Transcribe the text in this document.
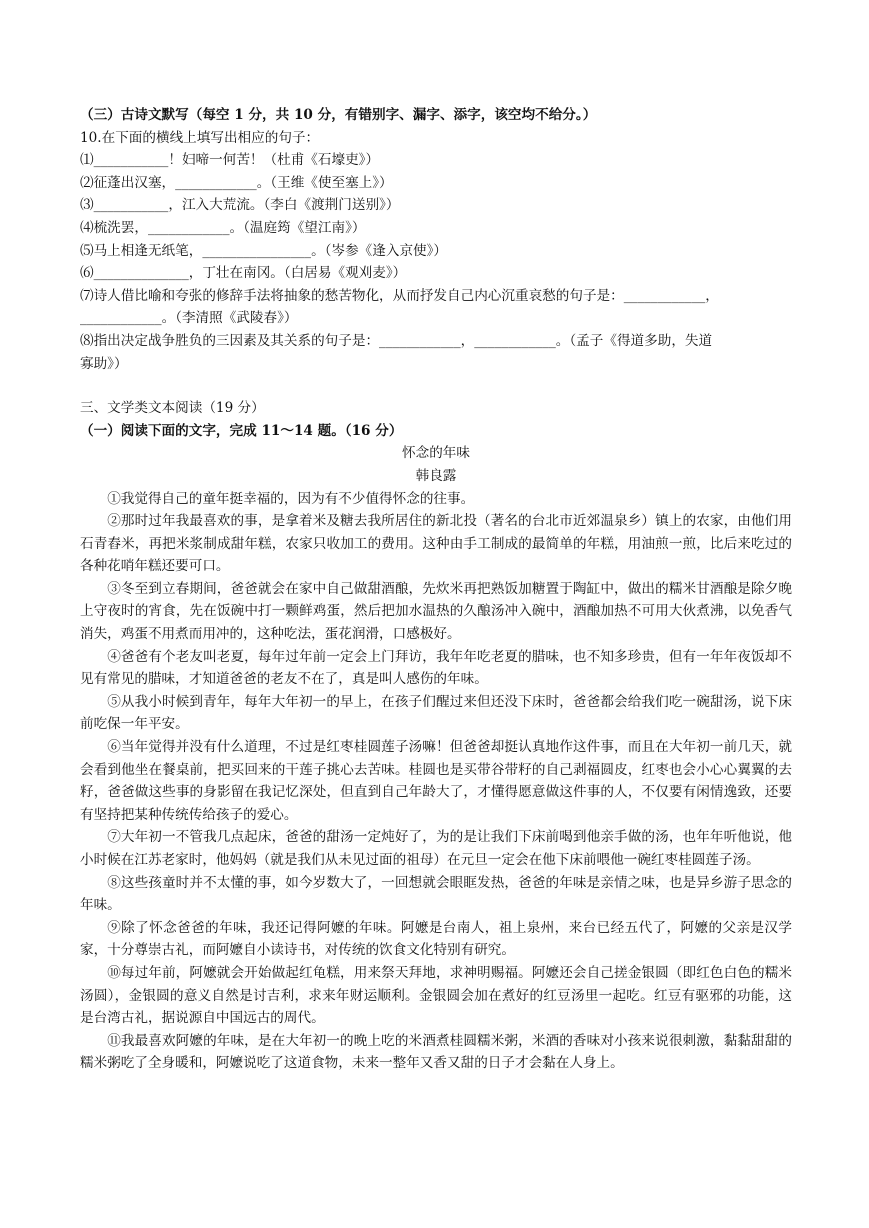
（三）古诗文默写（每空 1 分，共 10 分，有错别字、漏字、添字，该空均不给分。）

10.在下面的横线上填写出相应的句子：

⑴___________！妇啼一何苦！（杜甫《石壕吏》）

⑵征蓬出汉塞，____________。（王维《使至塞上》）

⑶___________，江入大荒流。（李白《渡荆门送别》）

⑷梳洗罢，____________。（温庭筠《望江南》）

⑸马上相逢无纸笔，________________。（岑参《逢入京使》）

⑹______________，丁壮在南冈。（白居易《观刈麦》）

⑺诗人借比喻和夸张的修辞手法将抽象的愁苦物化，从而抒发自己内心沉重哀愁的句子是：____________，

____________。（李清照《武陵春》）

⑻指出决定战争胜负的三因素及其关系的句子是：____________，____________。（孟子《得道多助，失道

寡助》）

三、文学类文本阅读（19 分）

（一）阅读下面的文字，完成 11～14 题。（16 分）

怀念的年味

韩良露

①我觉得自己的童年挺幸福的，因为有不少值得怀念的往事。

②那时过年我最喜欢的事，是拿着米及糖去我所居住的新北投（著名的台北市近郊温泉乡）镇上的农家，由他们用石青舂米，再把米浆制成甜年糕，农家只收加工的费用。这种由手工制成的最简单的年糕，用油煎一煎，比后来吃过的各种花哨年糕还要可口。

③冬至到立春期间，爸爸就会在家中自己做甜酒酿，先炊米再把熟饭加糖置于陶缸中，做出的糯米甘酒酿是除夕晚上守夜时的宵食，先在饭碗中打一颗鲜鸡蛋，然后把加水温热的久酿汤冲入碗中，酒酿加热不可用大伙煮沸，以免香气消失，鸡蛋不用煮而用冲的，这种吃法，蛋花润滑，口感极好。

④爸爸有个老友叫老夏，每年过年前一定会上门拜访，我年年吃老夏的腊味，也不知多珍贵，但有一年年夜饭却不见有常见的腊味，才知道爸爸的老友不在了，真是叫人感伤的年味。

⑤从我小时候到青年，每年大年初一的早上，在孩子们醒过来但还没下床时，爸爸都会给我们吃一碗甜汤，说下床前吃保一年平安。

⑥当年觉得并没有什么道理，不过是红枣桂圆莲子汤嘛！但爸爸却挺认真地作这件事，而且在大年初一前几天，就会看到他坐在餐桌前，把买回来的干莲子挑心去苦味。桂圆也是买带谷带籽的自己剥福圆皮，红枣也会小心心翼翼的去籽，爸爸做这些事的身影留在我记忆深处，但直到自己年龄大了，才懂得愿意做这件事的人，不仅要有闲情逸致，还要有坚持把某种传统传给孩子的爱心。

⑦大年初一不管我几点起床，爸爸的甜汤一定炖好了，为的是让我们下床前喝到他亲手做的汤，也年年听他说，他小时候在江苏老家时，他妈妈（就是我们从未见过面的祖母）在元旦一定会在他下床前喂他一碗红枣桂圆莲子汤。

⑧这些孩童时并不太懂的事，如今岁数大了，一回想就会眼眶发热，爸爸的年味是亲情之味，也是异乡游子思念的年味。

⑨除了怀念爸爸的年味，我还记得阿嬷的年味。阿嬷是台南人，祖上泉州，来台已经五代了，阿嬷的父亲是汉学家，十分尊崇古礼，而阿嬷自小读诗书，对传统的饮食文化特别有研究。

⑩每过年前，阿嬷就会开始做起红龟糕，用来祭天拜地，求神明赐福。阿嬷还会自己搓金银圆（即红色白色的糯米汤圆），金银圆的意义自然是讨吉利，求来年财运顺利。金银圆会加在煮好的红豆汤里一起吃。红豆有驱邪的功能，这是台湾古礼，据说源自中国远古的周代。

⑪我最喜欢阿嬷的年味，是在大年初一的晚上吃的米酒煮桂圆糯米粥，米酒的香味对小孩来说很刺激，黏黏甜甜的糯米粥吃了全身暖和，阿嬷说吃了这道食物，未来一整年又香又甜的日子才会黏在人身上。
